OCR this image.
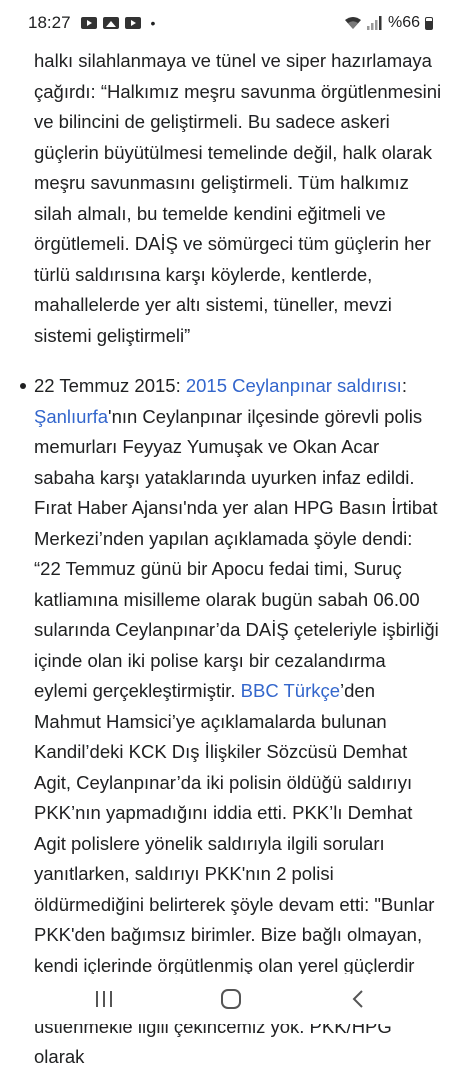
18:27	•	%66

halkı silahlanmaya ve tünel ve siper hazırlamaya
çağırdı: “Halkımız meşru savunma örgütlenmesini
ve bilincini de geliştirmeli. Bu sadece askeri
güçlerin büyütülmesi temelinde değil, halk olarak
meşru savunmasını geliştirmeli. Tüm halkımız
silah almalı, bu temelde kendini eğitmeli ve
örgütlemeli. DAİŞ ve sömürgeci tüm güçlerin her
türlü saldırısına karşı köylerde, kentlerde,
mahallelerde yer altı sistemi, tüneller, mevzi
sistemi geliştirmeli”

22 Temmuz 2015: 2015 Ceylanpınar saldırısı:
Şanlıurfa'nın Ceylanpınar ilçesinde görevli polis memurları Feyyaz Yumuşak ve Okan Acar sabaha karşı yataklarında uyurken infaz edildi. Fırat Haber Ajansı'nda yer alan HPG Basın İrtibat Merkezi’nden yapılan açıklamada şöyle dendi: “22 Temmuz günü bir Apocu fedai timi, Suruç katliamına misilleme olarak bugün sabah 06.00 sularında Ceylanpınar’da DAİŞ çeteleriyle işbirliği içinde olan iki polise karşı bir cezalandırma eylemi gerçekleştirmiştir. BBC Türkçe’den Mahmut Hamsici’ye açıklamalarda bulunan Kandil’deki KCK Dış İlişkiler Sözcüsü Demhat Agit, Ceylanpınar’da iki polisin öldüğü saldırıyı PKK’nın yapmadığını iddia etti. PKK’lı Demhat Agit polislere yönelik saldırıyla ilgili soruları yanıtlarken, saldırıyı PKK'nın 2 polisi öldürmediğini belirterek şöyle devam etti: "Bunlar PKK'den bağımsız birimler. Bize bağlı olmayan, kendi içlerinde örgütlenmiş olan yerel güçlerdir diye açıklandı. Bizim yaptığımız bir şeyi
